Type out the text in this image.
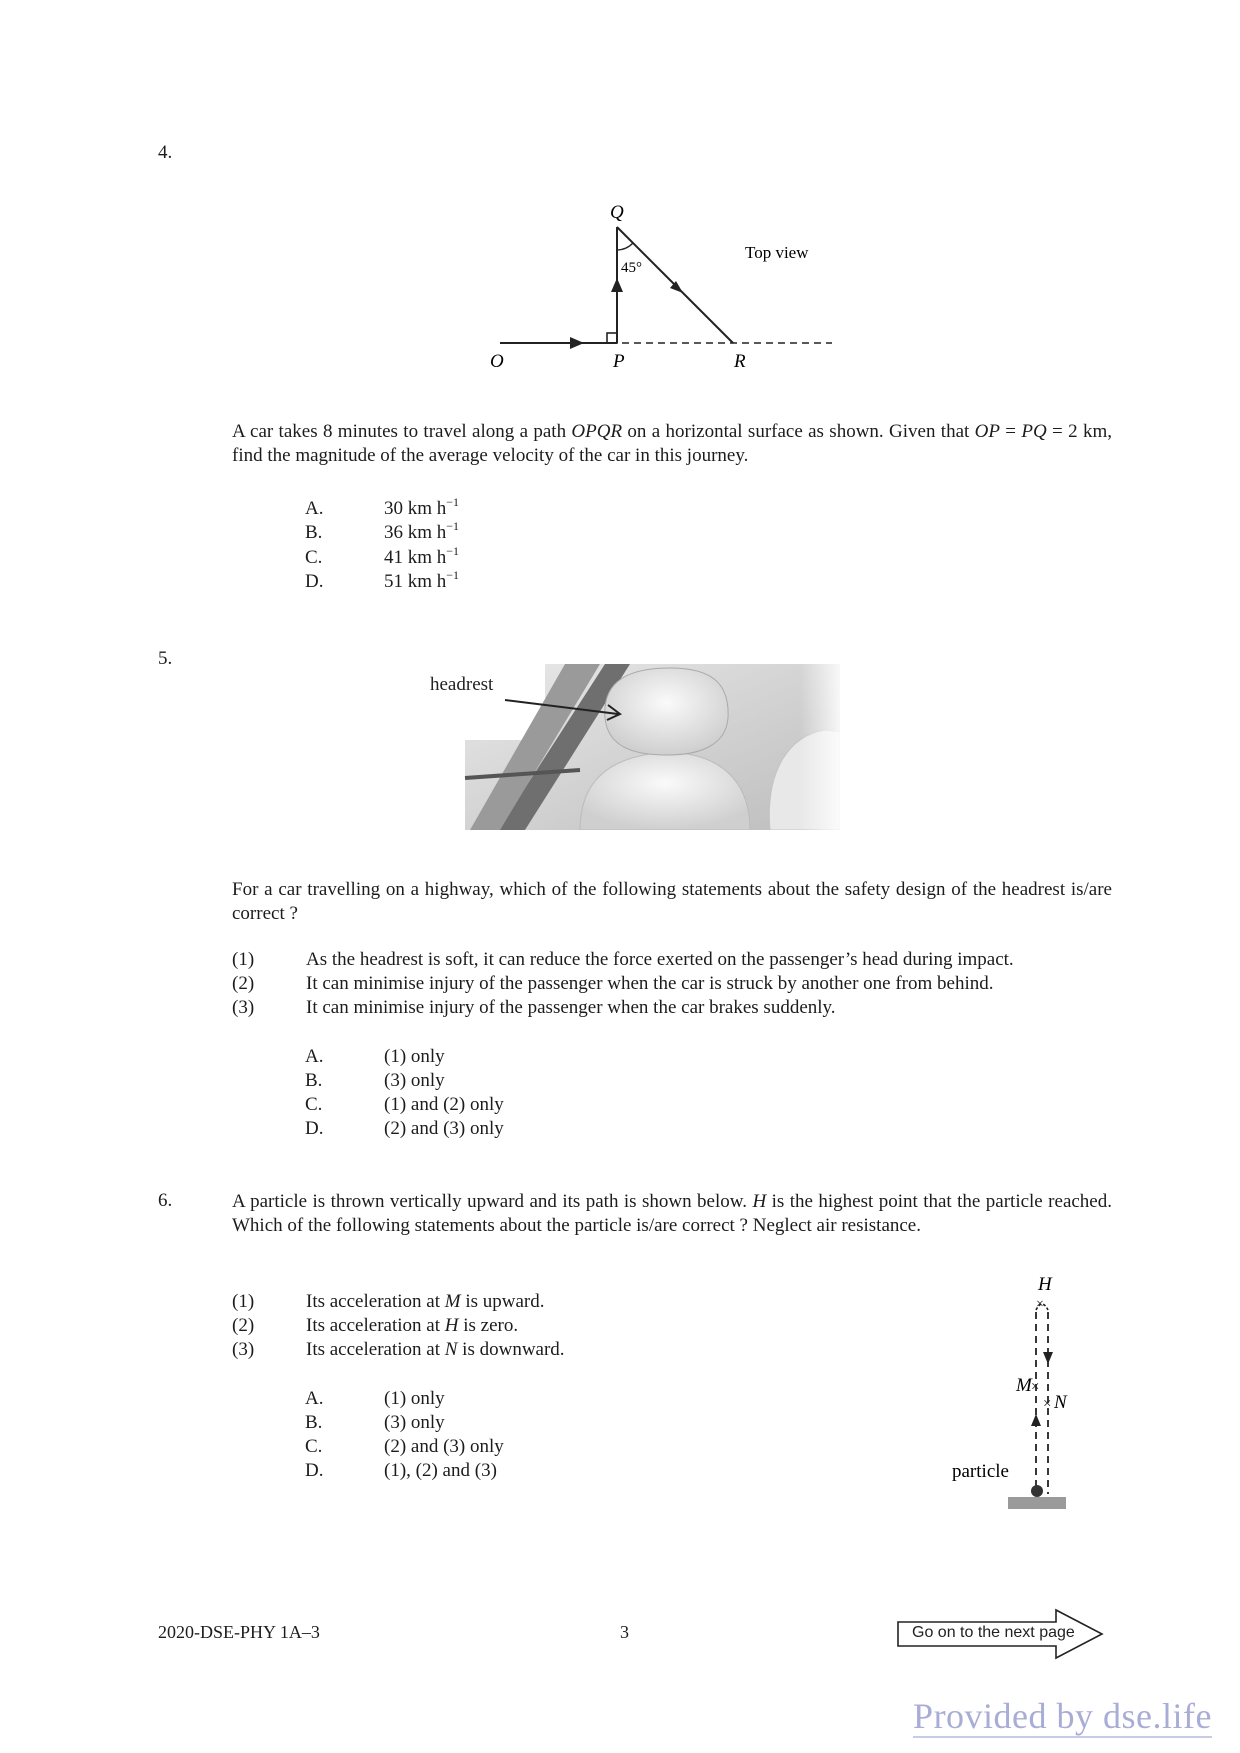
4.
Q
45°
Top view
O	P	R
A car takes 8 minutes to travel along a path OPQR on a horizontal surface as shown. Given that OP = PQ = 2 km, find the magnitude of the average velocity of the car in this journey.
A.	30 km $h^{-1}$
B.	36 km $h^{-1}$
C.	41 km $h^{-1}$
D.	51 km $h^{-1}$
5.
headrest
For a car travelling on a highway, which of the following statements about the safety design of the headrest is/are correct ?
(1)	As the headrest is soft, it can reduce the force exerted on the passenger’s head during impact.
(2)	It can minimise injury of the passenger when the car is struck by another one from behind.
(3)	It can minimise injury of the passenger when the car brakes suddenly.
A.	(1) only
B.	(3) only
C.	(1) and (2) only
D.	(2) and (3) only
6.	A particle is thrown vertically upward and its path is shown below. H is the highest point that the particle reached. Which of the following statements about the particle is/are correct ? Neglect air resistance.
(1)	Its acceleration at M is upward.
(2)	Its acceleration at H is zero.
(3)	Its acceleration at N is downward.
A.	(1) only
B.	(3) only
C.	(2) and (3) only
D.	(1), (2) and (3)
H
×
M ×
× N
particle
2020-DSE-PHY 1A–3	3	Go on to the next page
Provided by dse.life
